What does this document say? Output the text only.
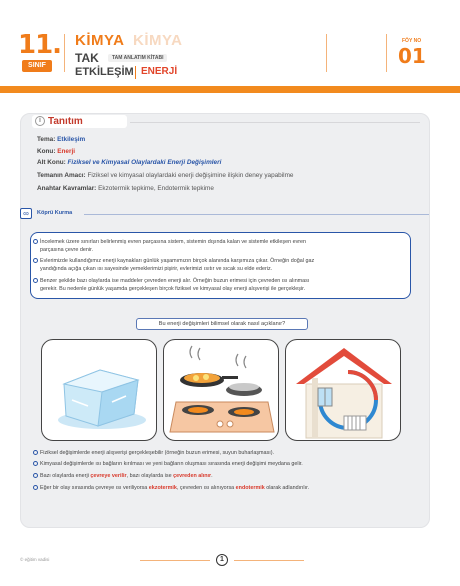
11.
SINIF
KİMYA KİMYA
TAK	TAM ANLATIM KİTABI
ETKİLEŞİM ENERJİ
FÖY NO
01
i Tanıtım
Tema: Etkileşim
Konu: Enerji
Alt Konu: Fiziksel ve Kimyasal Olaylardaki Enerji Değişimleri
Temanın Amacı: Fiziksel ve kimyasal olaylardaki enerji değişimine ilişkin deney yapabilme
Anahtar Kavramlar: Ekzotermik tepkime, Endotermik tepkime
∞	Köprü Kurma
İncelemek üzere sınırları belirlenmiş evren parçasına sistem, sistemin dışında kalan ve sistemle etkileşen evren
parçasına çevre denir.
Evlerimizde kullandığımız enerji kaynakları günlük yaşamımızın birçok alanında karşımıza çıkar. Örneğin doğal gaz
yandığında açığa çıkan ısı sayesinde yemeklerimizi pişirir, evlerimizi ısıtır ve sıcak su elde ederiz.
Benzer şekilde bazı olaylarda ise maddeler çevreden enerji alır. Örneğin buzun erimesi için çevreden ısı alınması
gerekir. Bu nedenle günlük yaşamda gerçekleşen birçok fiziksel ve kimyasal olay enerji alışverişi ile gerçekleşir.
Bu enerji değişimleri bilimsel olarak nasıl açıklanır?
Fiziksel değişimlerde enerji alışverişi gerçekleşebilir (örneğin buzun erimesi, suyun buharlaşması).
Kimyasal değişimlerde ısı bağların kırılması ve yeni bağların oluşması sırasında enerji değişimi meydana gelir.
Bazı olaylarda enerji çevreye verilir, bazı olaylarda ise çevreden alınır.
Eğer bir olay sırasında çevreye ısı veriliyorsa ekzotermik, çevreden ısı alınıyorsa endotermik olarak adlandırılır.
© eğitim vadisi	1
